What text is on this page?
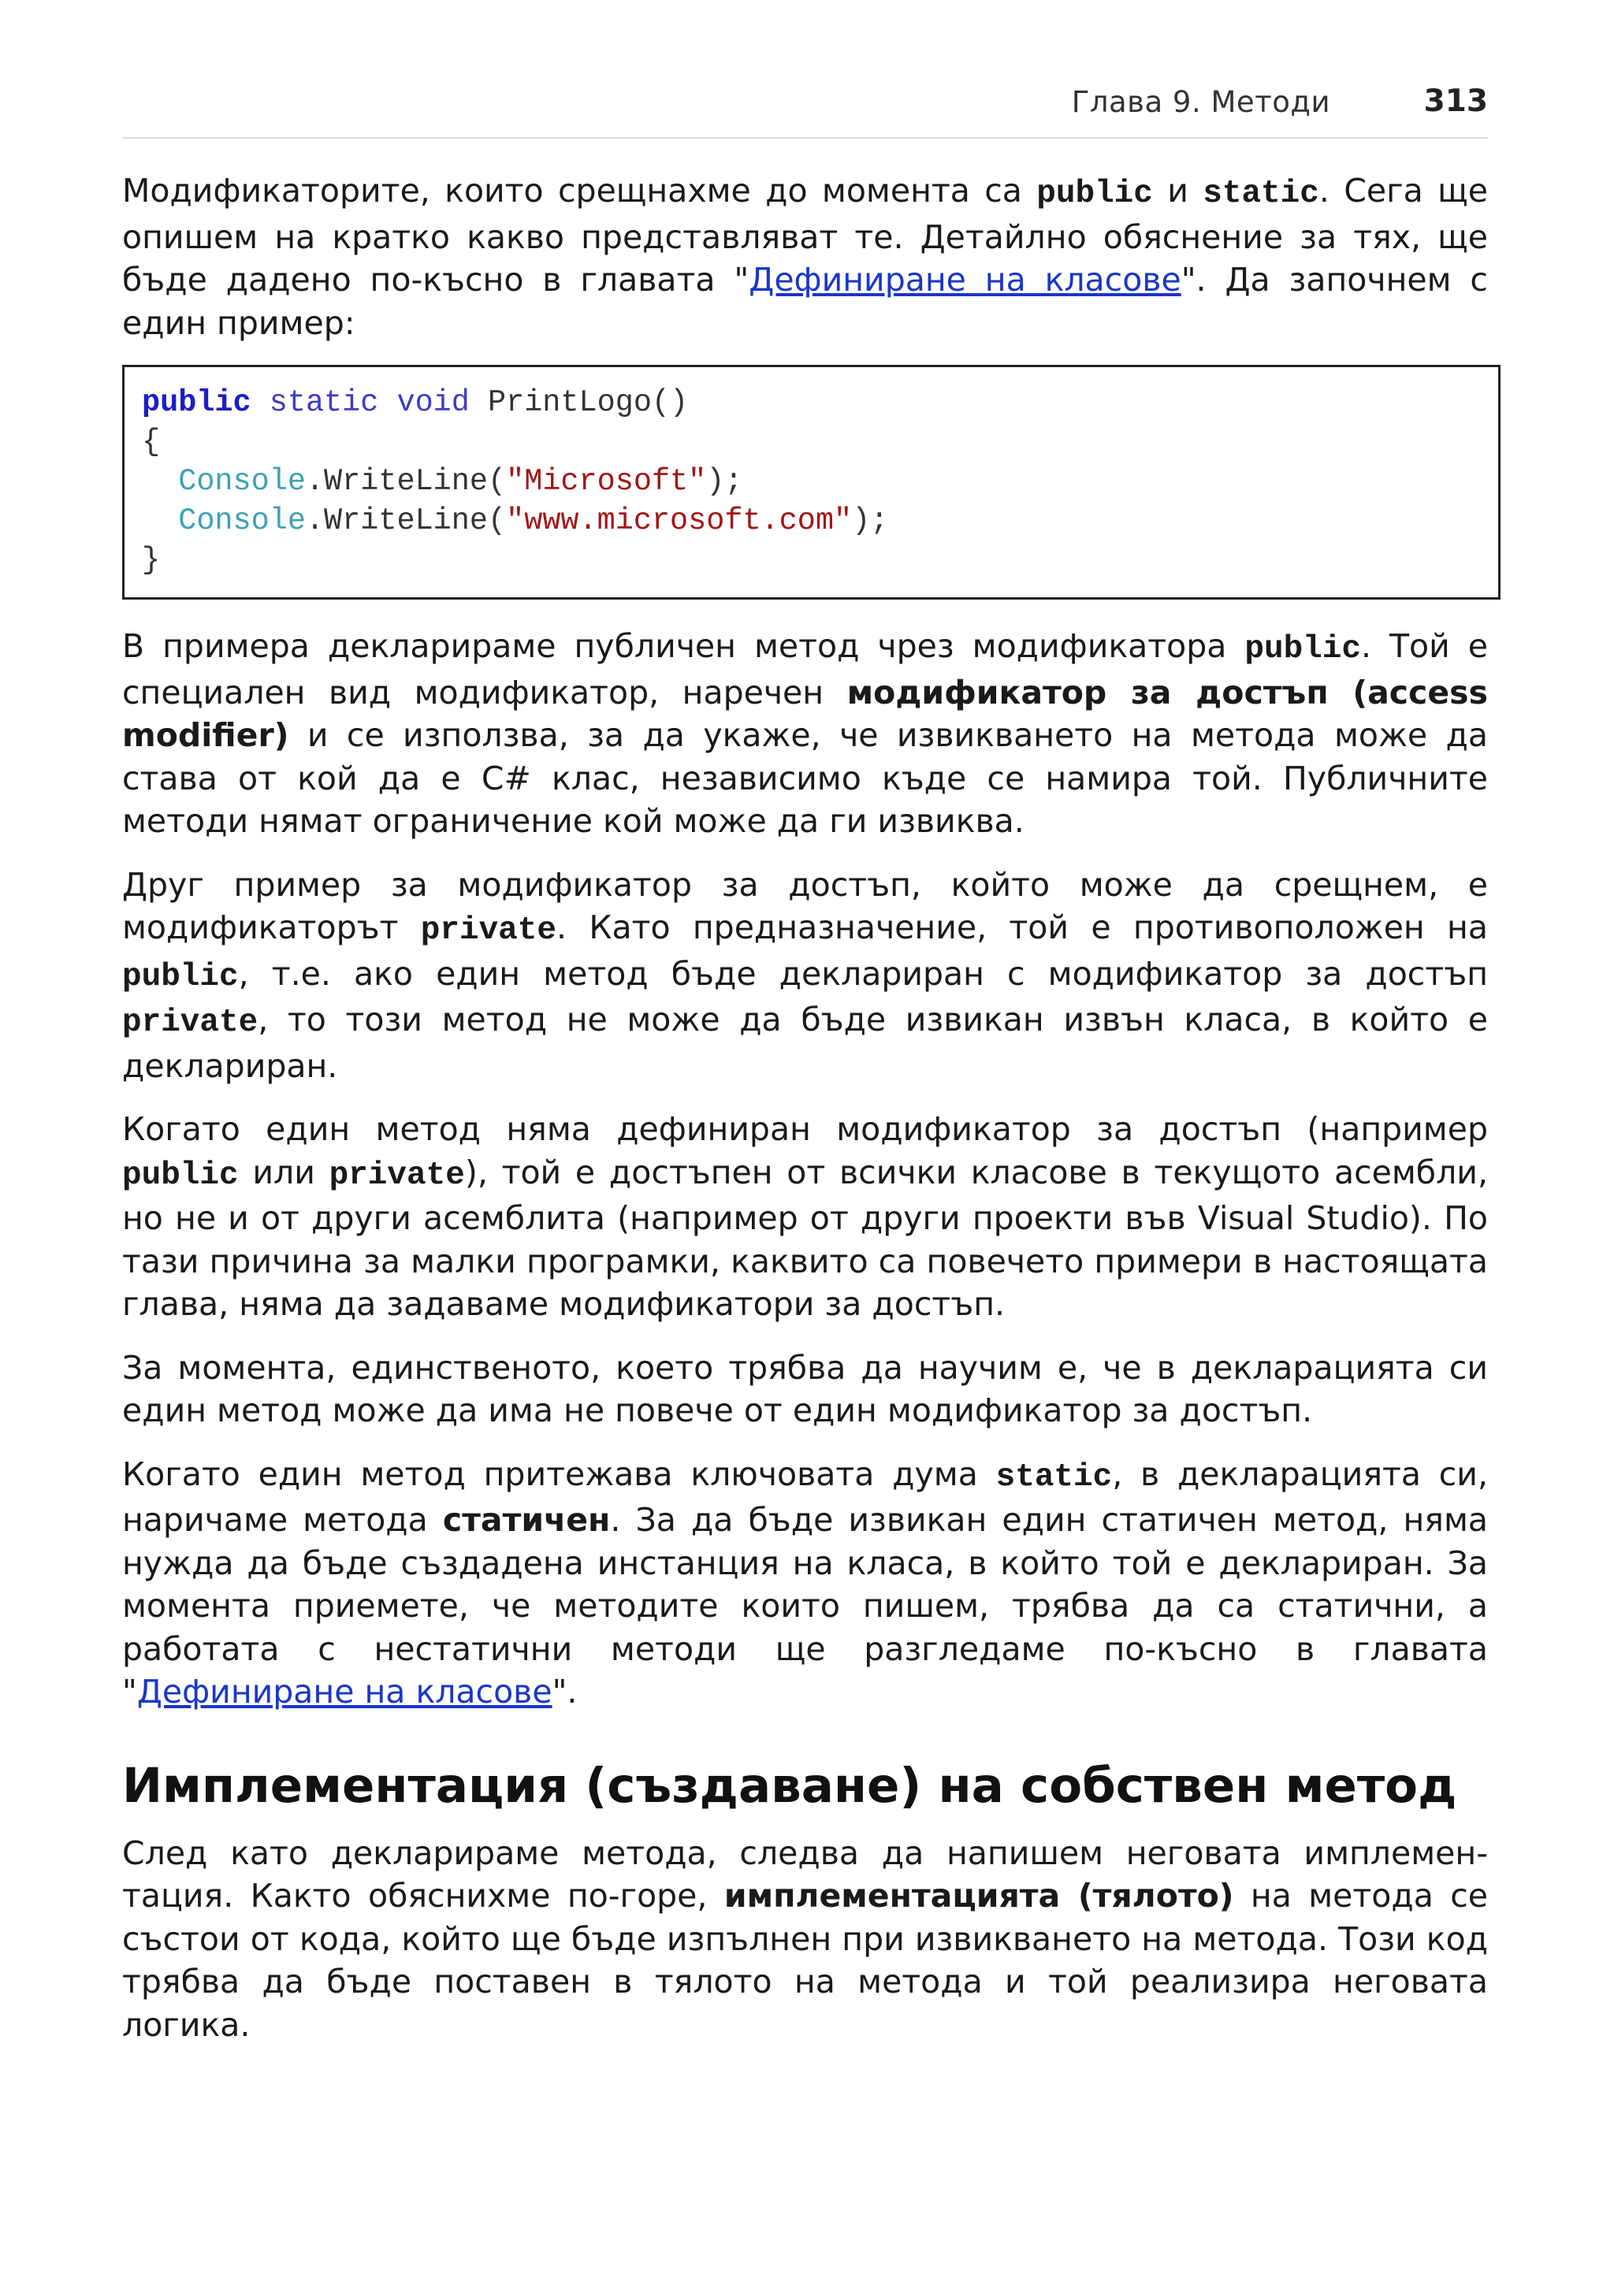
Глава 9. Методи	313

Модификаторите, които срещнахме до момента са public и static. Сега ще опишем на кратко какво представляват те. Детайлно обяснение за тях, ще бъде дадено по-късно в главата "Дефиниране на класове". Да започнем с един пример:

public static void PrintLogo()
{
Console.WriteLine("Microsoft");
Console.WriteLine("www.microsoft.com");
}

В примера декларираме публичен метод чрез модификатора public. Той е специален вид модификатор, наречен модификатор за достъп (access modifier) и се използва, за да укаже, че извикването на метода може да става от кой да е C# клас, независимо къде се намира той. Публичните методи нямат ограничение кой може да ги извиква.

Друг пример за модификатор за достъп, който може да срещнем, е модификаторът private. Като предназначение, той е противоположен на public, т.е. ако един метод бъде деклариран с модификатор за достъп private, то този метод не може да бъде извикан извън класа, в който е деклариран.

Когато един метод няма дефиниран модификатор за достъп (например public или private), той е достъпен от всички класове в текущото асембли, но не и от други асемблита (например от други проекти във Visual Studio). По тази причина за малки програмки, каквито са повечето примери в настоящата глава, няма да задаваме модификатори за достъп.

За момента, единственото, което трябва да научим е, че в декларацията си един метод може да има не повече от един модификатор за достъп.

Когато един метод притежава ключовата дума static, в декларацията си, наричаме метода статичен. За да бъде извикан един статичен метод, няма нужда да бъде създадена инстанция на класа, в който той е деклариран. За момента приемете, че методите които пишем, трябва да са статични, а работата с нестатични методи ще разгледаме по-късно в главата "Дефиниране на класове".

Имплементация (създаване) на собствен метод

След като декларираме метода, следва да напишем неговата имплементация. Както обяснихме по-горе, имплементацията (тялото) на метода се състои от кода, който ще бъде изпълнен при извикването на метода. Този код трябва да бъде поставен в тялото на метода и той реализира неговата логика.
